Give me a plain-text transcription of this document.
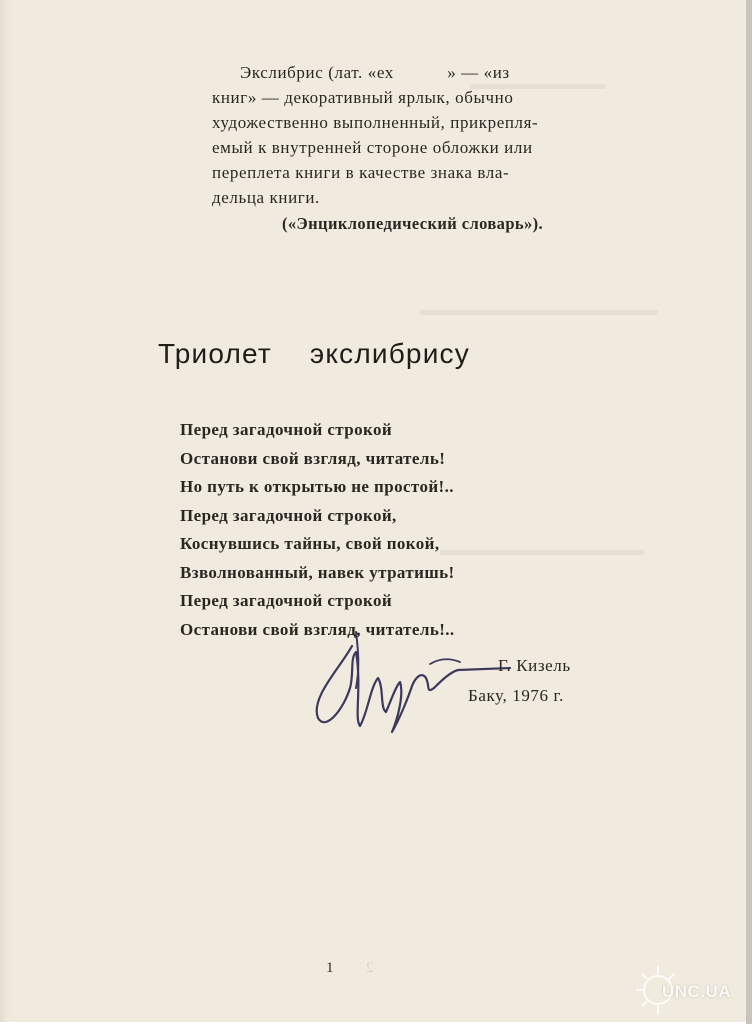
▬▬▬▬▬▬▬▬
▬▬▬▬▬▬▬▬▬▬▬▬▬▬
▬▬▬▬▬▬▬▬▬▬▬▬

Экслибрис (лат. «ех           » — «из

книг» — декоративный ярлык, обычно
художественно выполненный, прикрепля-
емый к внутренней стороне обложки или
переплета книги в качестве знака вла-
дельца книги.
(«Энциклопедический словарь»).
Триолет  экслибрису
Перед загадочной строкой
Останови свой взгляд, читатель!
Но путь к открытью не простой!..
Перед загадочной строкой,
Коснувшись тайны, свой покой,
Взволнованный, навек утратишь!
Перед загадочной строкой
Останови свой взгляд, читатель!..
Г. Кизель
Баку, 1976 г.
1 2
UNC.UA
